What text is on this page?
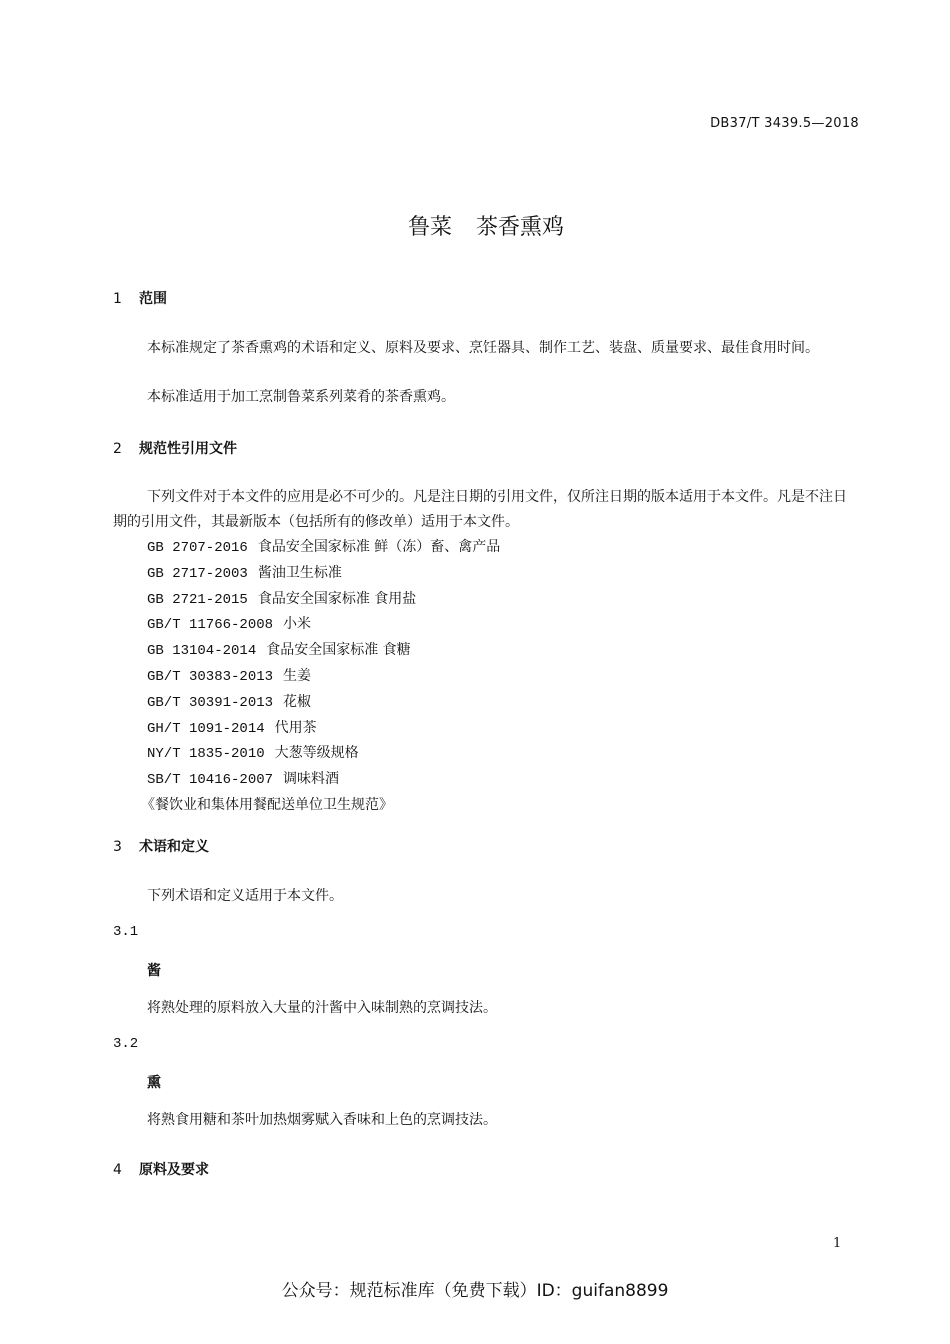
DB37/T 3439.5—2018
鲁菜 茶香熏鸡
1 范围
本标准规定了茶香熏鸡的术语和定义、原料及要求、烹饪器具、制作工艺、装盘、质量要求、最佳食用时间。
本标准适用于加工烹制鲁菜系列菜肴的茶香熏鸡。
2 规范性引用文件
下列文件对于本文件的应用是必不可少的。凡是注日期的引用文件，仅所注日期的版本适用于本文件。凡是不注日期的引用文件，其最新版本（包括所有的修改单）适用于本文件。
GB 2707-2016 食品安全国家标准 鲜（冻）畜、禽产品
GB 2717-2003 酱油卫生标准
GB 2721-2015 食品安全国家标准 食用盐
GB/T 11766-2008 小米
GB 13104-2014 食品安全国家标准 食糖
GB/T 30383-2013 生姜
GB/T 30391-2013 花椒
GH/T 1091-2014 代用茶
NY/T 1835-2010 大葱等级规格
SB/T 10416-2007 调味料酒
《餐饮业和集体用餐配送单位卫生规范》
3 术语和定义
下列术语和定义适用于本文件。
3.1
酱
将熟处理的原料放入大量的汁酱中入味制熟的烹调技法。
3.2
熏
将熟食用糖和茶叶加热烟雾赋入香味和上色的烹调技法。
4 原料及要求
1
公众号：规范标准库（免费下载）ID：guifan8899
